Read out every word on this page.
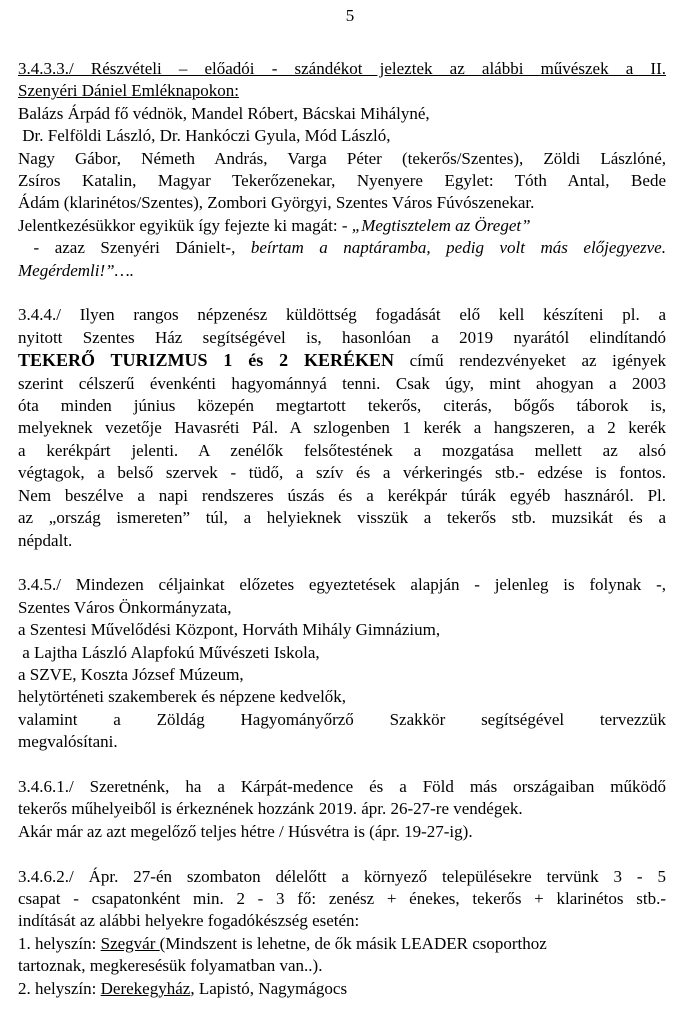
5
3.4.3.3./ Részvételi – előadói - szándékot jeleztek az alábbi művészek a II.
Szenyéri Dániel Emléknapokon:
Balázs Árpád fő védnök, Mandel Róbert, Bácskai Mihályné,
Dr. Felföldi László, Dr. Hankóczi Gyula, Mód László,
Nagy Gábor, Németh András, Varga Péter (tekerős/Szentes), Zöldi Lászlóné,
Zsíros Katalin, Magyar Tekerőzenekar, Nyenyere Egylet: Tóth Antal, Bede
Ádám (klarinétos/Szentes), Zombori Györgyi, Szentes Város Fúvószenekar.
Jelentkezésükkor egyikük így fejezte ki magát: - „Megtisztelem az Öreget”
- azaz Szenyéri Dánielt-, beírtam a naptáramba, pedig volt más előjegyezve.
Megérdemli!”….
3.4.4./ Ilyen rangos népzenész küldöttség fogadását elő kell készíteni pl. a
nyitott Szentes Ház segítségével is, hasonlóan a 2019 nyarától elindítandó
TEKERŐ TURIZMUS 1 és 2 KERÉKEN című rendezvényeket az igények
szerint célszerű évenkénti hagyománnyá tenni. Csak úgy, mint ahogyan a 2003
óta minden június közepén megtartott tekerős, citerás, bőgős táborok is,
melyeknek vezetője Havasréti Pál. A szlogenben 1 kerék a hangszeren, a 2 kerék
a kerékpárt jelenti. A zenélők felsőtestének a mozgatása mellett az alsó
végtagok, a belső szervek - tüdő, a szív és a vérkeringés stb.- edzése is fontos.
Nem beszélve a napi rendszeres úszás és a kerékpár túrák egyéb hasznáról. Pl.
az „ország ismereten” túl, a helyieknek visszük a tekerős stb. muzsikát és a
népdalt.
3.4.5./ Mindezen céljainkat előzetes egyeztetések alapján - jelenleg is folynak -,
Szentes Város Önkormányzata,
a Szentesi Művelődési Központ, Horváth Mihály Gimnázium,
a Lajtha László Alapfokú Művészeti Iskola,
a SZVE, Koszta József Múzeum,
helytörténeti szakemberek és népzene kedvelők,
valamint a Zöldág Hagyományőrző Szakkör segítségével tervezzük
megvalósítani.
3.4.6.1./ Szeretnénk, ha a Kárpát-medence és a Föld más országaiban működő
tekerős műhelyeiből is érkeznének hozzánk 2019. ápr. 26-27-re vendégek.
Akár már az azt megelőző teljes hétre / Húsvétra is (ápr. 19-27-ig).
3.4.6.2./ Ápr. 27-én szombaton délelőtt a környező településekre tervünk 3 - 5
csapat - csapatonként min. 2 - 3 fő: zenész + énekes, tekerős + klarinétos stb.-
indítását az alábbi helyekre fogadókészség esetén:
1. helyszín: Szegvár (Mindszent is lehetne, de ők másik LEADER csoporthoz
tartoznak, megkeresésük folyamatban van..).
2. helyszín: Derekegyház, Lapistó, Nagymágocs
